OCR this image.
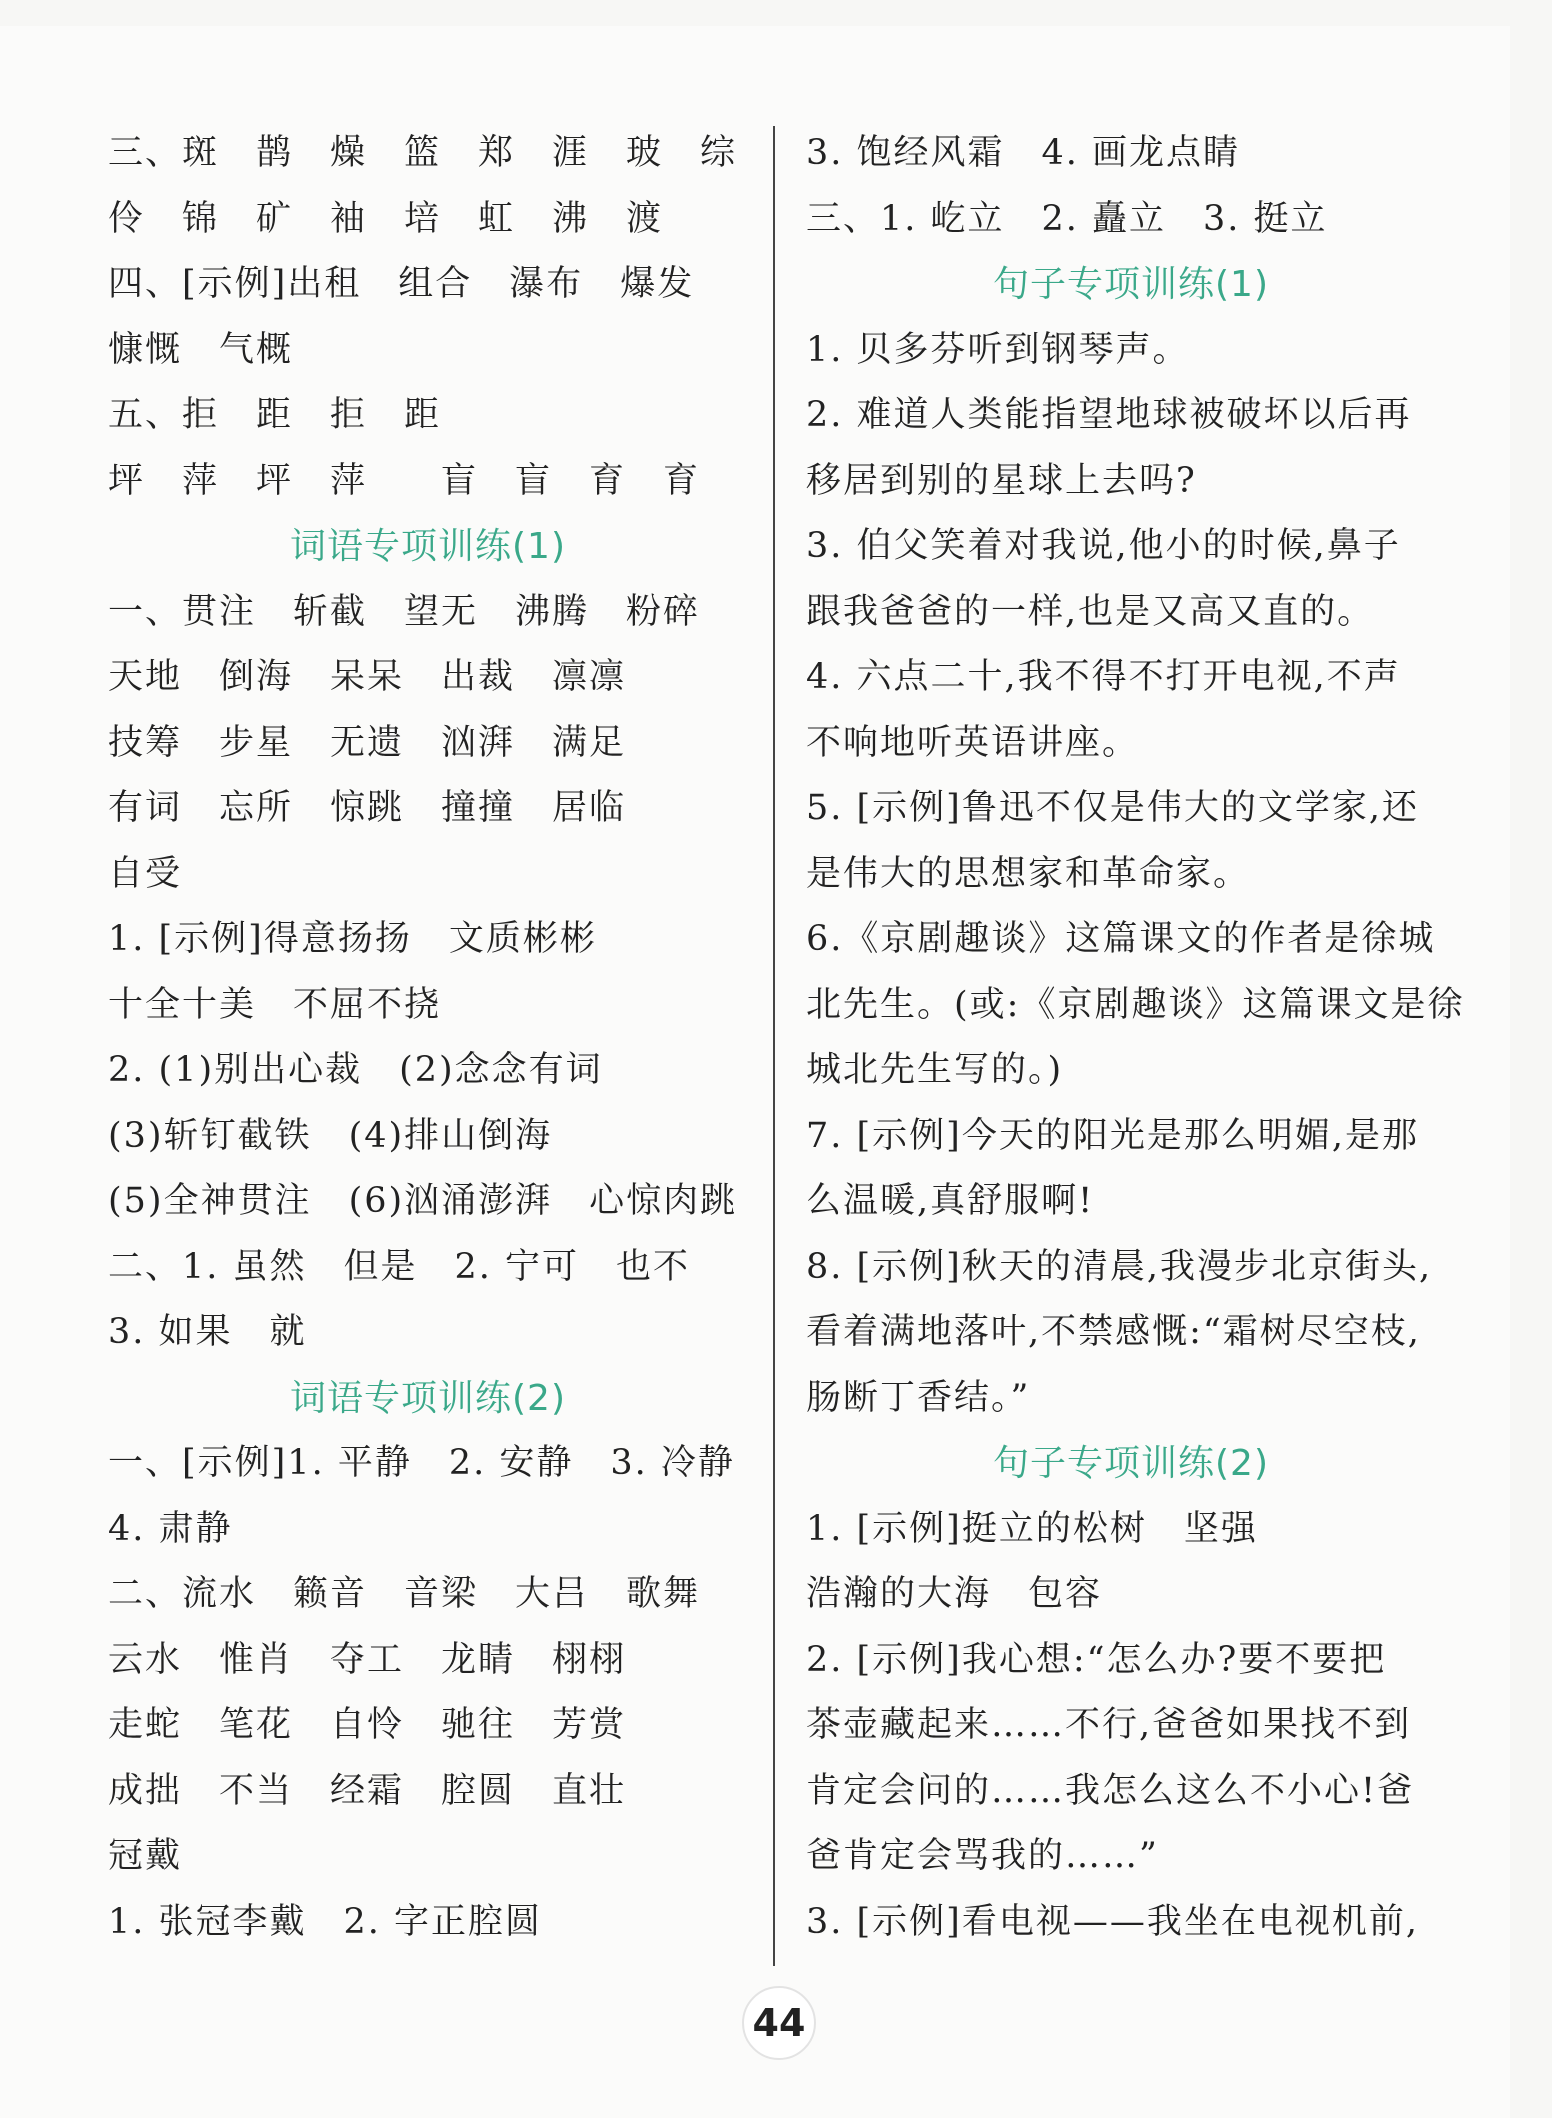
三、斑　鹊　燥　篮　郑　涯　玻　综
伶　锦　矿　袖　培　虹　沸　渡
四、[示例]出租　组合　瀑布　爆发
慷慨　气概
五、拒　距　拒　距
坪　萍　坪　萍　　盲　盲　育　育
词语专项训练(1)
一、贯注　斩截　望无　沸腾　粉碎
天地　倒海　呆呆　出裁　凛凛
技筹　步星　无遗　汹湃　满足
有词　忘所　惊跳　撞撞　居临
自受
1. [示例]得意扬扬　文质彬彬
十全十美　不屈不挠
2. (1)别出心裁　(2)念念有词
(3)斩钉截铁　(4)排山倒海
(5)全神贯注　(6)汹涌澎湃　心惊肉跳
二、1. 虽然　但是　2. 宁可　也不
3. 如果　就
词语专项训练(2)
一、[示例]1. 平静　2. 安静　3. 冷静
4. 肃静
二、流水　籁音　音梁　大吕　歌舞
云水　惟肖　夺工　龙睛　栩栩
走蛇　笔花　自怜　驰往　芳赏
成拙　不当　经霜　腔圆　直壮
冠戴
1. 张冠李戴　2. 字正腔圆
3. 饱经风霜　4. 画龙点睛
三、1. 屹立　2. 矗立　3. 挺立
句子专项训练(1)
1. 贝多芬听到钢琴声。
2. 难道人类能指望地球被破坏以后再
移居到别的星球上去吗?
3. 伯父笑着对我说,他小的时候,鼻子
跟我爸爸的一样,也是又高又直的。
4. 六点二十,我不得不打开电视,不声
不响地听英语讲座。
5. [示例]鲁迅不仅是伟大的文学家,还
是伟大的思想家和革命家。
6.《京剧趣谈》这篇课文的作者是徐城
北先生。(或:《京剧趣谈》这篇课文是徐
城北先生写的。)
7. [示例]今天的阳光是那么明媚,是那
么温暖,真舒服啊!
8. [示例]秋天的清晨,我漫步北京街头,
看着满地落叶,不禁感慨:“霜树尽空枝,
肠断丁香结。”
句子专项训练(2)
1. [示例]挺立的松树　坚强
浩瀚的大海　包容
2. [示例]我心想:“怎么办?要不要把
茶壶藏起来……不行,爸爸如果找不到
肯定会问的……我怎么这么不小心!爸
爸肯定会骂我的……”
3. [示例]看电视——我坐在电视机前,
44
